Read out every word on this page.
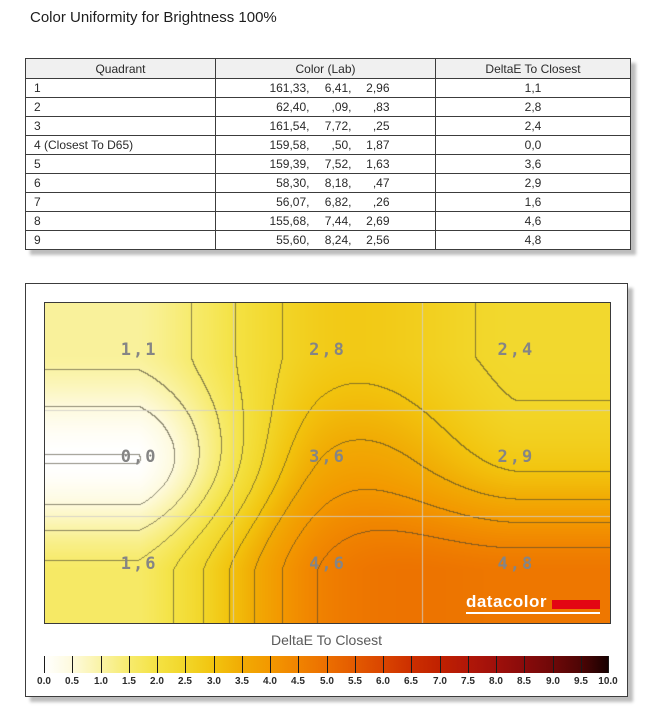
Color Uniformity for Brightness 100%
Quadrant	Color (Lab)	DeltaE To Closest
1	161,33, 6,41, 2,96	1,1
2	62,40, ,09, ,83	2,8
3	161,54, 7,72, ,25	2,4
4 (Closest To D65)	159,58, ,50, 1,87	0,0
5	159,39, 7,52, 1,63	3,6
6	58,30, 8,18, ,47	2,9
7	56,07, 6,82, ,26	1,6
8	155,68, 7,44, 2,69	4,6
9	55,60, 8,24, 2,56	4,8
1,1	2,8	2,4
0,0	3,6	2,9
1,6	4,6	4,8
datacolor
DeltaE To Closest
0.0 0.5 1.0 1.5 2.0 2.5 3.0 3.5 4.0 4.5 5.0 5.5 6.0 6.5 7.0 7.5 8.0 8.5 9.0 9.5 10.0
